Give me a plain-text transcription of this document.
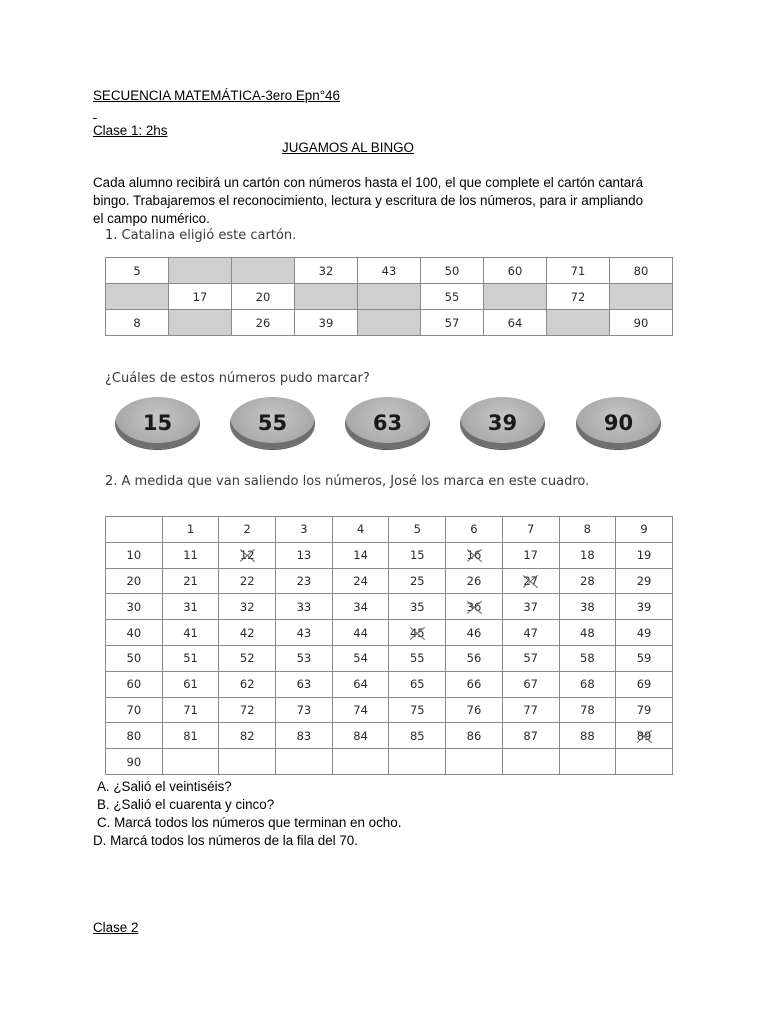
SECUENCIA MATEMÁTICA-3ero Epn°46

Clase 1: 2hs
JUGAMOS AL BINGO
Cada alumno recibirá un cartón con números hasta el 100, el que complete el cartón cantará bingo. Trabajaremos el reconocimiento, lectura y escritura de los números, para ir ampliando el campo numérico.
1. Catalina eligió este cartón.
5			32	43	50	60	71	80
	17	20			55		72	
8		26	39		57	64		90
¿Cuáles de estos números pudo marcar?
15	55	63	39	90
2. A medida que van saliendo los números, José los marca en este cuadro.
	1	2	3	4	5	6	7	8	9
10	11	12	13	14	15	16	17	18	19
20	21	22	23	24	25	26	27	28	29
30	31	32	33	34	35	36	37	38	39
40	41	42	43	44	45	46	47	48	49
50	51	52	53	54	55	56	57	58	59
60	61	62	63	64	65	66	67	68	69
70	71	72	73	74	75	76	77	78	79
80	81	82	83	84	85	86	87	88	89
90									
A. ¿Salió el veintiséis?
B. ¿Salió el cuarenta y cinco?
C. Marcá todos los números que terminan en ocho.
D. Marcá todos los números de la fila del 70.
Clase 2
